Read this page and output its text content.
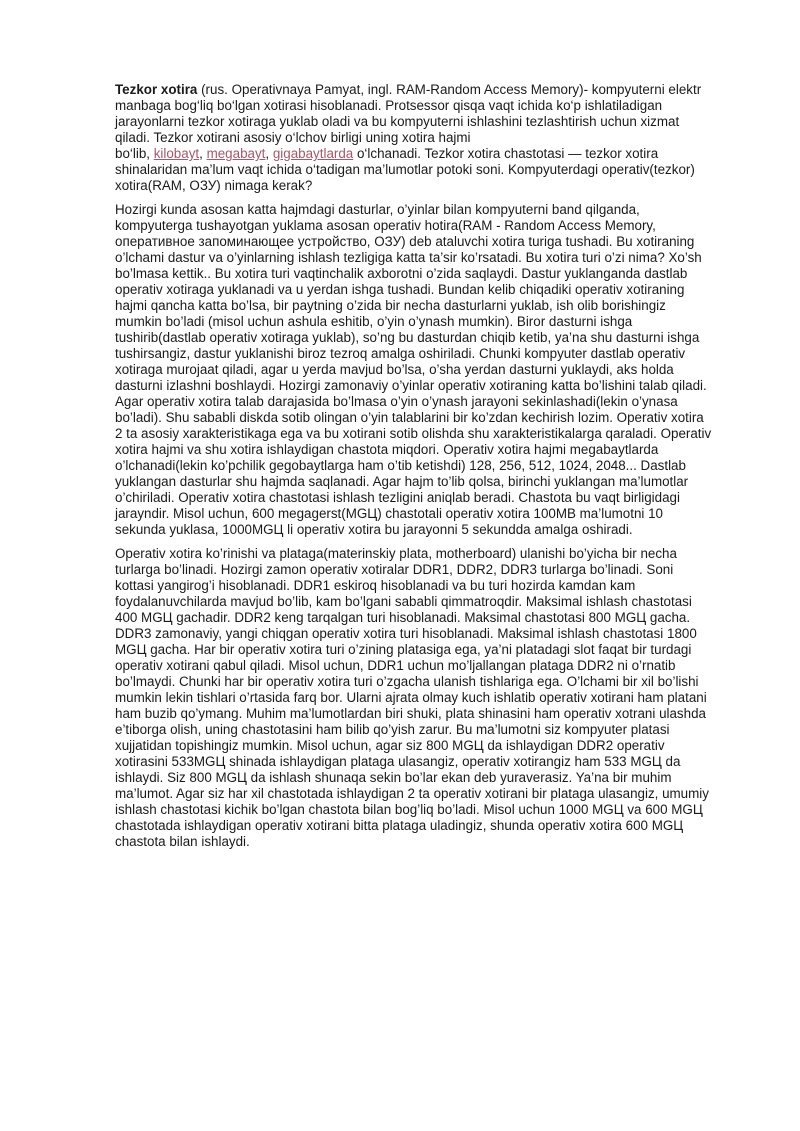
Tezkor xotira (rus. Operativnaya Pamyat, ingl. RAM-Random Access Memory)- kompyuterni elektr
manbaga bog‘liq bo‘lgan xotirasi hisoblanadi. Protsessor qisqa vaqt ichida ko‘p ishlatiladigan
jarayonlarni tezkor xotiraga yuklab oladi va bu kompyuterni ishlashini tezlashtirish uchun xizmat
qiladi. Tezkor xotirani asosiy o‘lchov birligi uning xotira hajmi
bo‘lib, kilobayt, megabayt, gigabaytlarda o‘lchanadi. Tezkor xotira chastotasi — tezkor xotira
shinalaridan ma’lum vaqt ichida o‘tadigan ma’lumotlar potoki soni. Kompyuterdagi operativ(tezkor)
xotira(RAM, ОЗУ) nimaga kerak?

Hozirgi kunda asosan katta hajmdagi dasturlar, o’yinlar bilan kompyuterni band qilganda,
kompyuterga tushayotgan yuklama asosan operativ hotira(RAM - Random Access Memory,
оперативное запоминающее устройство, ОЗУ) deb ataluvchi xotira turiga tushadi. Bu xotiraning
o’lchami dastur va o’yinlarning ishlash tezligiga katta ta’sir ko’rsatadi. Bu xotira turi o’zi nima? Xo’sh
bo’lmasa kettik.. Bu xotira turi vaqtinchalik axborotni o’zida saqlaydi. Dastur yuklanganda dastlab
operativ xotiraga yuklanadi va u yerdan ishga tushadi. Bundan kelib chiqadiki operativ xotiraning
hajmi qancha katta bo’lsa, bir paytning o’zida bir necha dasturlarni yuklab, ish olib borishingiz
mumkin bo’ladi (misol uchun ashula eshitib, o’yin o’ynash mumkin). Biror dasturni ishga
tushirib(dastlab operativ xotiraga yuklab), so’ng bu dasturdan chiqib ketib, ya’na shu dasturni ishga
tushirsangiz, dastur yuklanishi biroz tezroq amalga oshiriladi. Chunki kompyuter dastlab operativ
xotiraga murojaat qiladi, agar u yerda mavjud bo’lsa, o’sha yerdan dasturni yuklaydi, aks holda
dasturni izlashni boshlaydi. Hozirgi zamonaviy o’yinlar operativ xotiraning katta bo’lishini talab qiladi.
Agar operativ xotira talab darajasida bo’lmasa o’yin o’ynash jarayoni sekinlashadi(lekin o’ynasa
bo’ladi). Shu sababli diskda sotib olingan o’yin talablarini bir ko’zdan kechirish lozim. Operativ xotira
2 ta asosiy xarakteristikaga ega va bu xotirani sotib olishda shu xarakteristikalarga qaraladi. Operativ
xotira hajmi va shu xotira ishlaydigan chastota miqdori. Operativ xotira hajmi megabaytlarda
o’lchanadi(lekin ko’pchilik gegobaytlarga ham o’tib ketishdi) 128, 256, 512, 1024, 2048... Dastlab
yuklangan dasturlar shu hajmda saqlanadi. Agar hajm to’lib qolsa, birinchi yuklangan ma’lumotlar
o’chiriladi. Operativ xotira chastotasi ishlash tezligini aniqlab beradi. Chastota bu vaqt birligidagi
jarayndir. Misol uchun, 600 megagerst(MGЦ) chastotali operativ xotira 100MB ma’lumotni 10
sekunda yuklasa, 1000MGЦ li operativ xotira bu jarayonni 5 sekundda amalga oshiradi.

Operativ xotira ko’rinishi va plataga(materinskiy plata, motherboard) ulanishi bo’yicha bir necha
turlarga bo’linadi. Hozirgi zamon operativ xotiralar DDR1, DDR2, DDR3 turlarga bo’linadi. Soni
kottasi yangirog’i hisoblanadi. DDR1 eskiroq hisoblanadi va bu turi hozirda kamdan kam
foydalanuvchilarda mavjud bo’lib, kam bo’lgani sababli qimmatroqdir. Maksimal ishlash chastotasi
400 MGЦ gachadir. DDR2 keng tarqalgan turi hisoblanadi. Maksimal chastotasi 800 MGЦ gacha.
DDR3 zamonaviy, yangi chiqgan operativ xotira turi hisoblanadi. Maksimal ishlash chastotasi 1800
MGЦ gacha. Har bir operativ xotira turi o’zining platasiga ega, ya’ni platadagi slot faqat bir turdagi
operativ xotirani qabul qiladi. Misol uchun, DDR1 uchun mo’ljallangan plataga DDR2 ni o’rnatib
bo’lmaydi. Chunki har bir operativ xotira turi o’zgacha ulanish tishlariga ega. O’lchami bir xil bo’lishi
mumkin lekin tishlari o’rtasida farq bor. Ularni ajrata olmay kuch ishlatib operativ xotirani ham platani
ham buzib qo’ymang. Muhim ma’lumotlardan biri shuki, plata shinasini ham operativ xotrani ulashda
e’tiborga olish, uning chastotasini ham bilib qo’yish zarur. Bu ma’lumotni siz kompyuter platasi
xujjatidan topishingiz mumkin. Misol uchun, agar siz 800 MGЦ da ishlaydigan DDR2 operativ
xotirasini 533MGЦ shinada ishlaydigan plataga ulasangiz, operativ xotirangiz ham 533 MGЦ da
ishlaydi. Siz 800 MGЦ da ishlash shunaqa sekin bo’lar ekan deb yuraverasiz. Ya’na bir muhim
ma’lumot. Agar siz har xil chastotada ishlaydigan 2 ta operativ xotirani bir plataga ulasangiz, umumiy
ishlash chastotasi kichik bo’lgan chastota bilan bog’liq bo’ladi. Misol uchun 1000 MGЦ va 600 MGЦ
chastotada ishlaydigan operativ xotirani bitta plataga uladingiz, shunda operativ xotira 600 MGЦ
chastota bilan ishlaydi.
